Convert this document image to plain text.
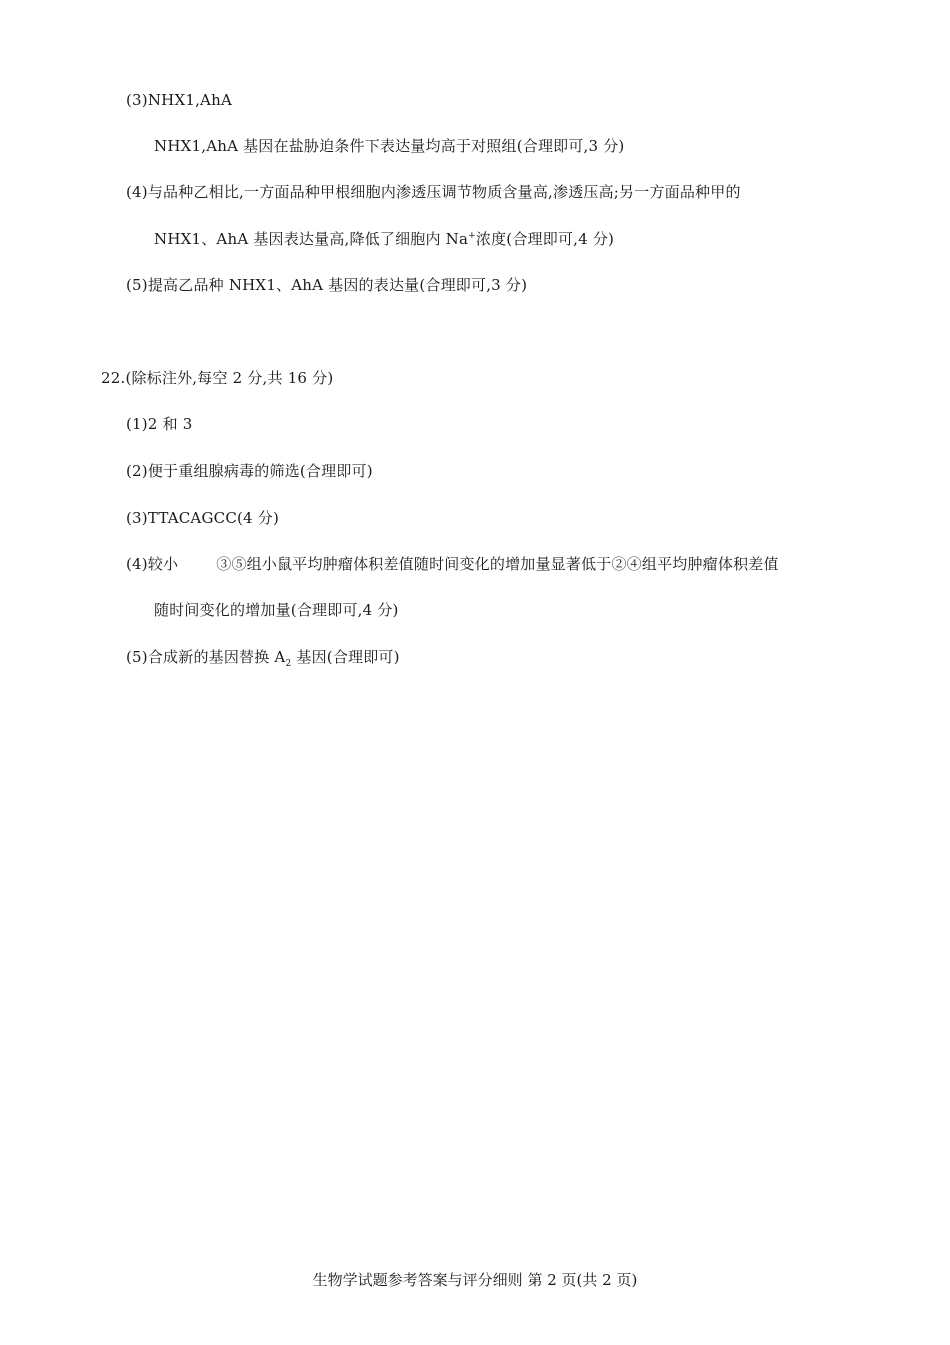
(3)NHX1,AhA

NHX1,AhA 基因在盐胁迫条件下表达量均高于对照组(合理即可,3 分)

(4)与品种乙相比,一方面品种甲根细胞内渗透压调节物质含量高,渗透压高;另一方面品种甲的

NHX1、AhA 基因表达量高,降低了细胞内 Na+浓度(合理即可,4 分)

(5)提高乙品种 NHX1、AhA 基因的表达量(合理即可,3 分)

22.(除标注外,每空 2 分,共 16 分)

(1)2 和 3

(2)便于重组腺病毒的筛选(合理即可)

(3)TTACAGCC(4 分)

(4)较小	③⑤组小鼠平均肿瘤体积差值随时间变化的增加量显著低于②④组平均肿瘤体积差值

随时间变化的增加量(合理即可,4 分)

(5)合成新的基因替换 $A_2$ 基因(合理即可)

生物学试题参考答案与评分细则 第 2 页(共 2 页)
